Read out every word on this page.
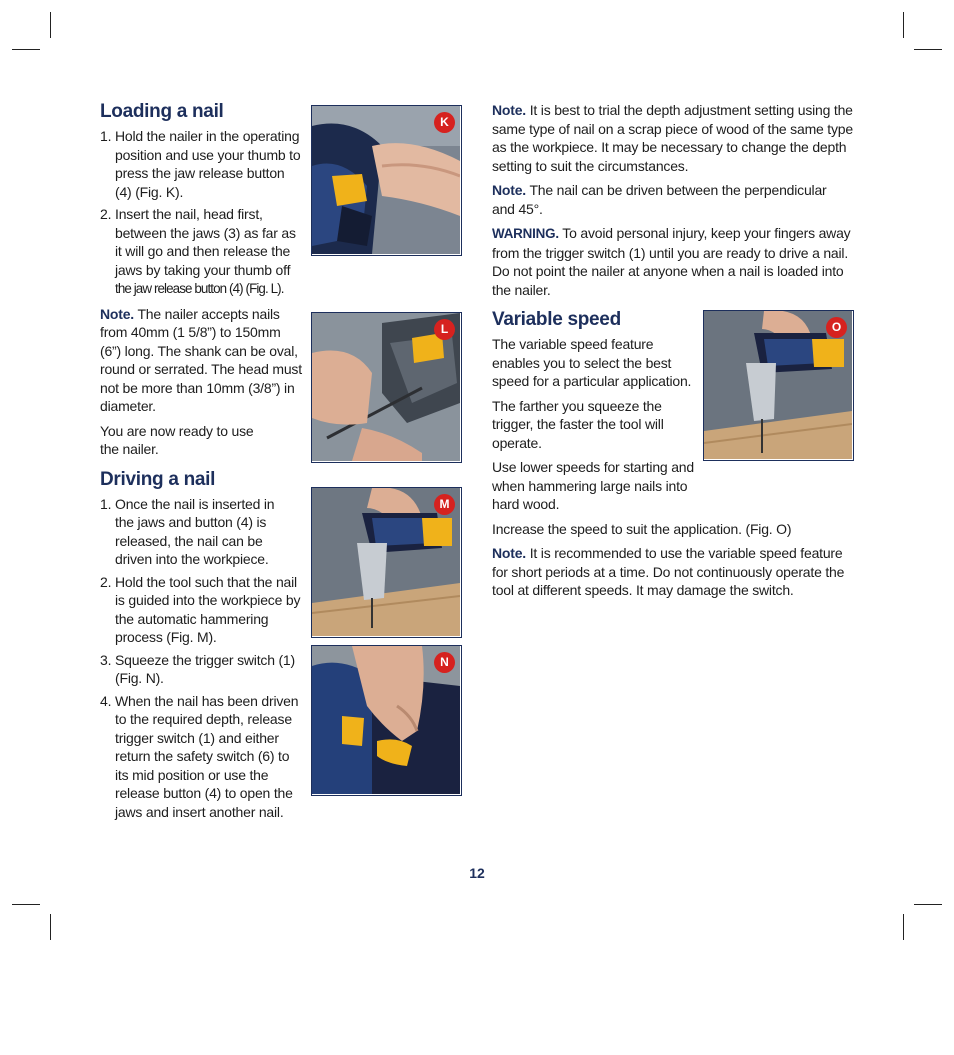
Loading a nail
1. Hold the nailer in the operating position and use your thumb to press the jaw release button (4) (Fig. K).
2. Insert the nail, head first, between the jaws (3) as far as it will go and then release the jaws by taking your thumb off the jaw release button (4) (Fig. L).

Note. The nailer accepts nails from 40mm (1 5/8”) to 150mm (6”) long. The shank can be oval, round or serrated. The head must not be more than 10mm (3/8”) in diameter.

You are now ready to use the nailer.

Driving a nail
1. Once the nail is inserted in the jaws and button (4) is released, the nail can be driven into the workpiece.
2. Hold the tool such that the nail is guided into the workpiece by the automatic hammering process (Fig. M).
3. Squeeze the trigger switch (1) (Fig. N).
4. When the nail has been driven to the required depth, release trigger switch (1) and either return the safety switch (6) to its mid position or use the release button (4) to open the jaws and insert another nail.
K
L
M
N

Note. It is best to trial the depth adjustment setting using the same type of nail on a scrap piece of wood of the same type as the workpiece. It may be necessary to change the depth setting to suit the circumstances.

Note. The nail can be driven between the perpendicular and 45°.

WARNING. To avoid personal injury, keep your fingers away from the trigger switch (1) until you are ready to drive a nail. Do not point the nailer at anyone when a nail is loaded into the nailer.

Variable speed

The variable speed feature enables you to select the best speed for a particular application.

The farther you squeeze the trigger, the faster the tool will operate.

Use lower speeds for starting and when hammering large nails into hard wood.

Increase the speed to suit the application. (Fig. O)

Note. It is recommended to use the variable speed feature for short periods at a time. Do not continuously operate the tool at different speeds. It may damage the switch.

O
12
